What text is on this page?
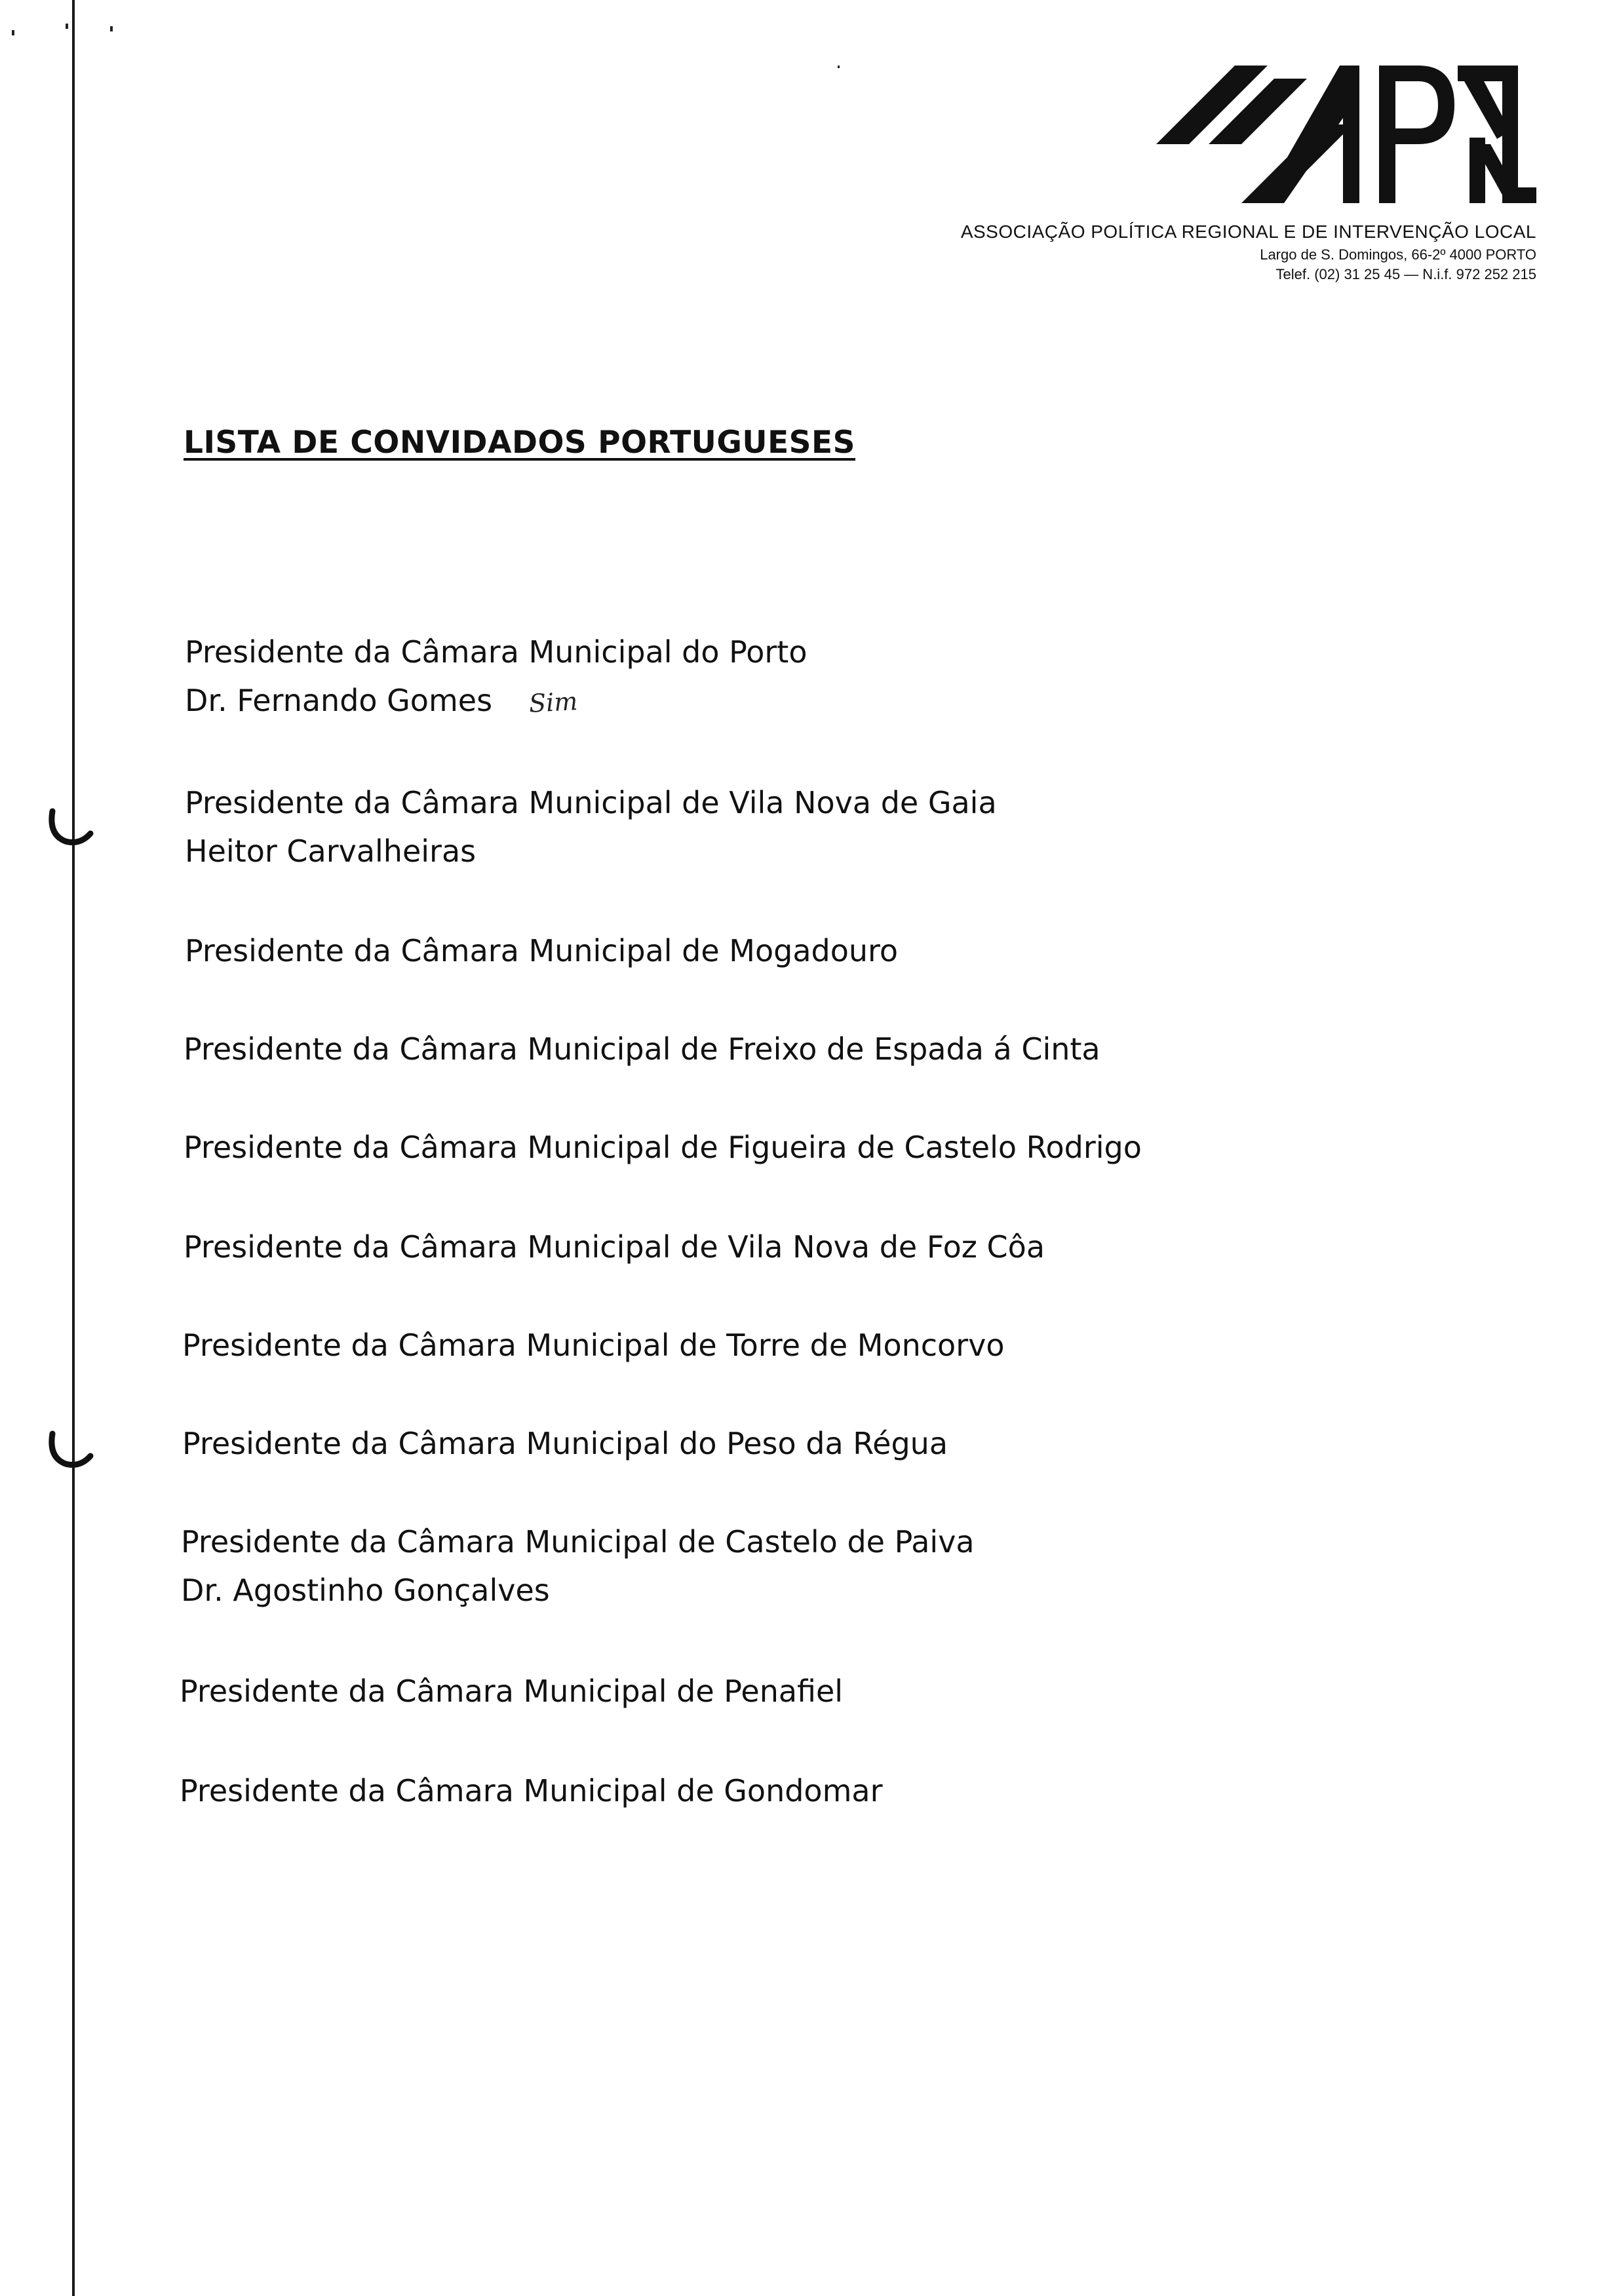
APRIL
ASSOCIAÇÃO POLÍTICA REGIONAL E DE INTERVENÇÃO LOCAL
Largo de S. Domingos, 66-2º 4000 PORTO
Telef. (02) 31 25 45 — N.i.f. 972 252 215
LISTA DE CONVIDADOS PORTUGUESES
Presidente da Câmara Municipal do Porto
Dr. Fernando Gomes Sim
Presidente da Câmara Municipal de Vila Nova de Gaia
Heitor Carvalheiras
Presidente da Câmara Municipal de Mogadouro
Presidente da Câmara Municipal de Freixo de Espada á Cinta
Presidente da Câmara Municipal de Figueira de Castelo Rodrigo
Presidente da Câmara Municipal de Vila Nova de Foz Côa
Presidente da Câmara Municipal de Torre de Moncorvo
Presidente da Câmara Municipal do Peso da Régua
Presidente da Câmara Municipal de Castelo de Paiva
Dr. Agostinho Gonçalves
Presidente da Câmara Municipal de Penafiel
Presidente da Câmara Municipal de Gondomar
